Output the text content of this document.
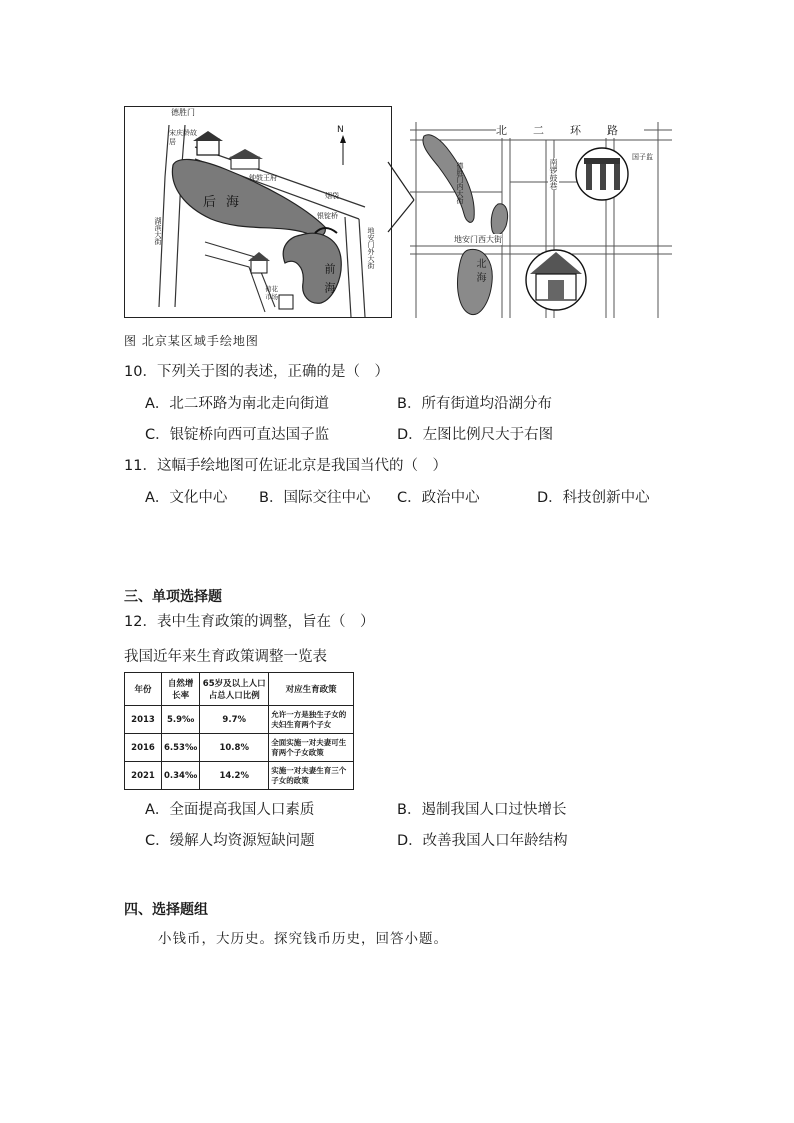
德胜门
宋庆龄故居
钟鼓王府
烟袋
银锭桥
后海
前海
湖滨大街	地安门外大街
荷花市场
N	北二环路
国子监
德胜门内大街	南锣鼓巷
地安门西大街
北海
图 北京某区域手绘地图
10．下列关于图的表述，正确的是（　）
A．北二环路为南北走向街道	B．所有街道均沿湖分布
C．银锭桥向西可直达国子监	D．左图比例尺大于右图
11．这幅手绘地图可佐证北京是我国当代的（　）
A．文化中心 B．国际交往中心 C．政治中心	D．科技创新中心
三、单项选择题
12．表中生育政策的调整，旨在（　）
我国近年来生育政策调整一览表
年份	自然增长率	65岁及以上人口占总人口比例	对应生育政策
2013	5.9‰	9.7%	允许一方是独生子女的夫妇生育两个子女
2016	6.53‰	10.8%	全面实施一对夫妻可生育两个子女政策
2021	0.34‰	14.2%	实施一对夫妻生育三个子女的政策
A．全面提高我国人口素质	B．遏制我国人口过快增长
C．缓解人均资源短缺问题	D．改善我国人口年龄结构
四、选择题组
小钱币，大历史。探究钱币历史，回答小题。
